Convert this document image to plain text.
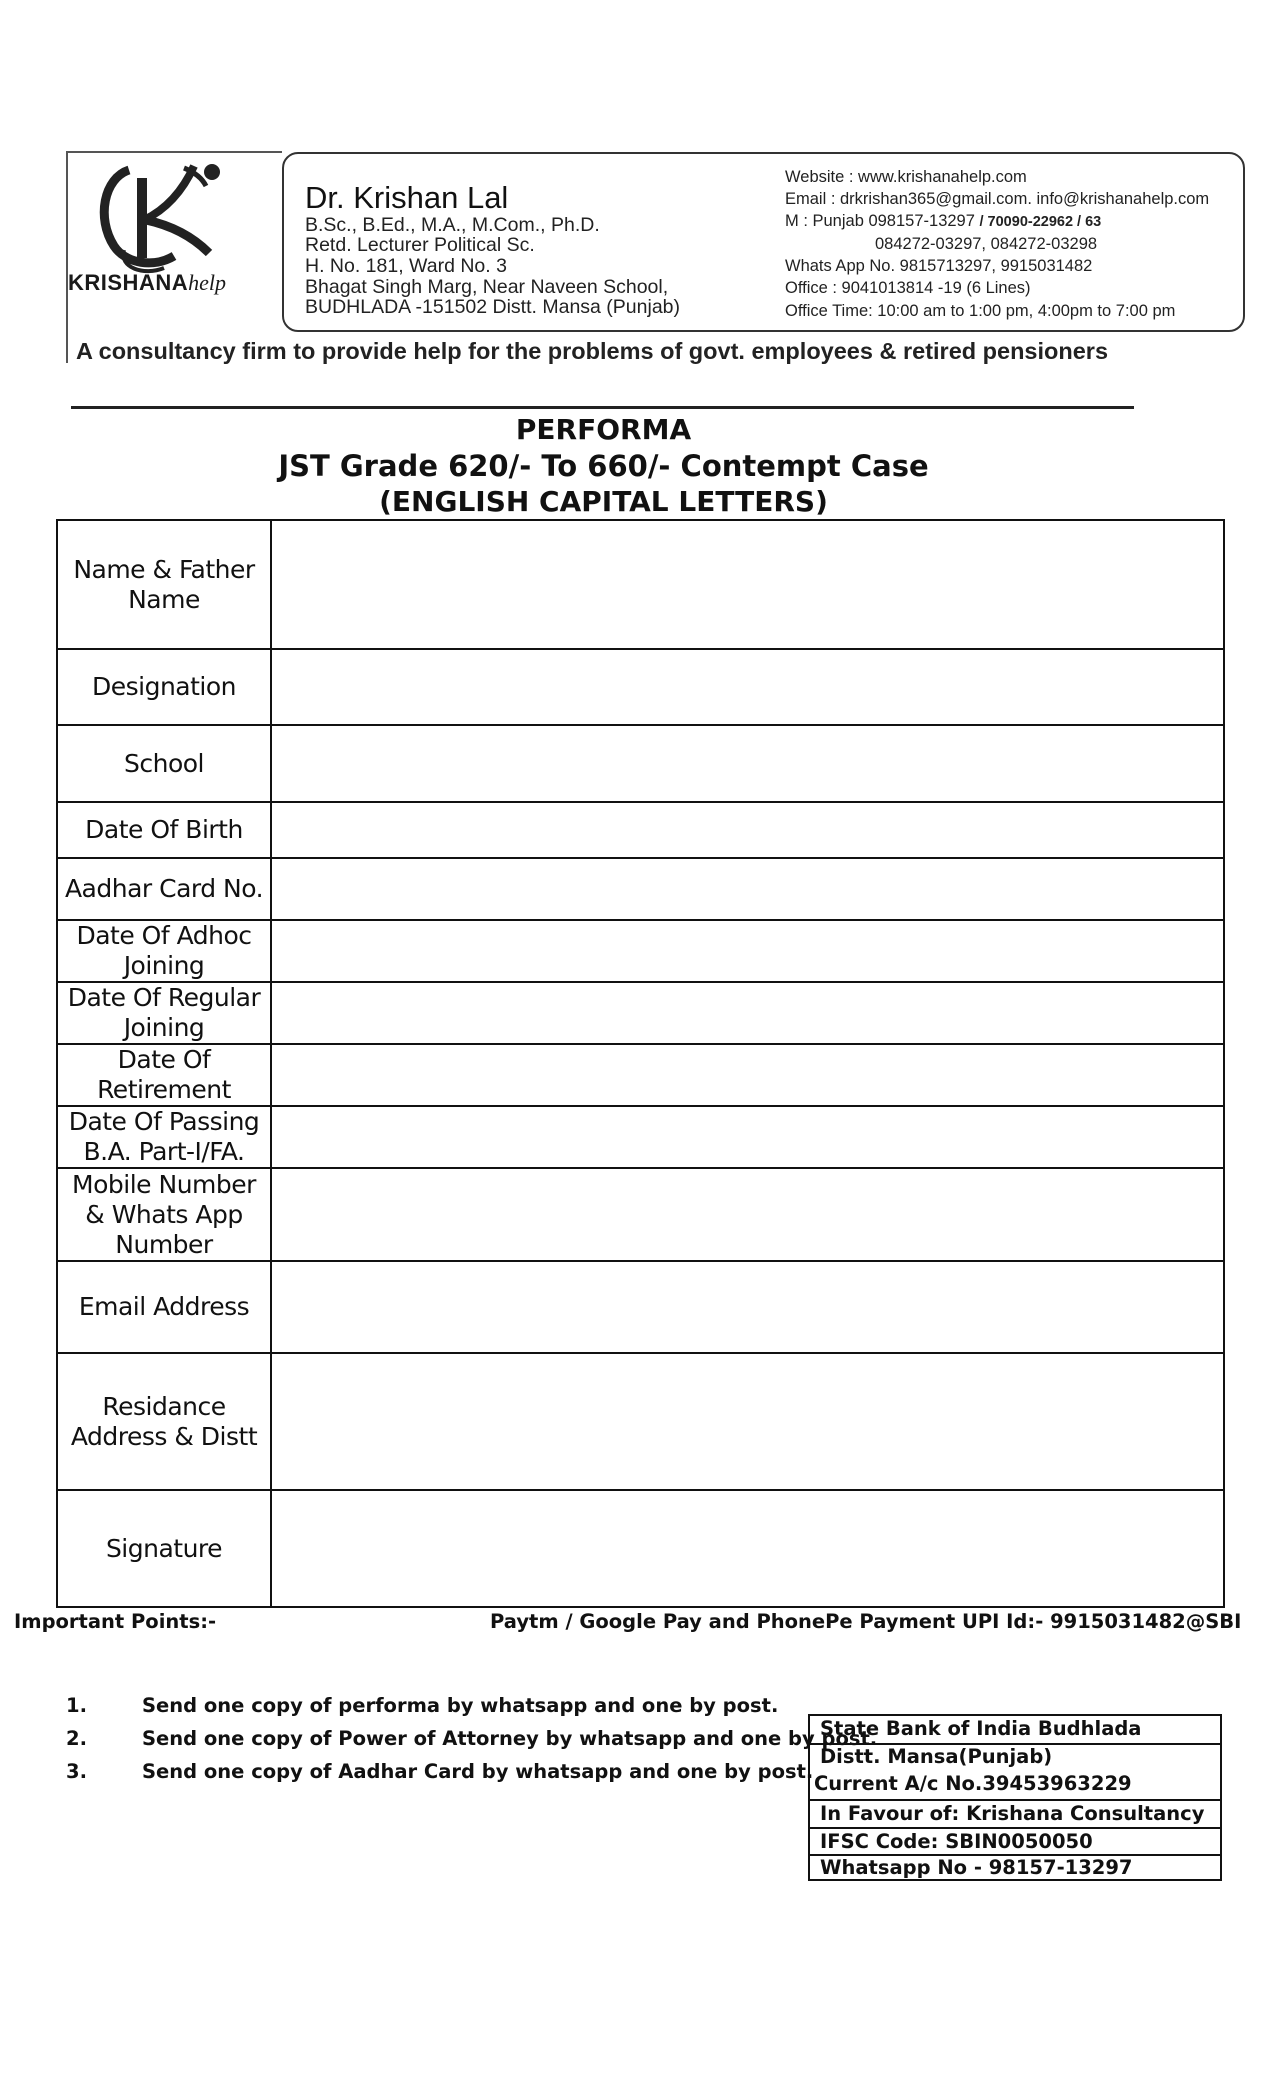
KRISHANAhelp
Dr. Krishan Lal
B.Sc., B.Ed., M.A., M.Com., Ph.D.
Retd. Lecturer Political Sc.
H. No. 181, Ward No. 3
Bhagat Singh Marg, Near Naveen School,
BUDHLADA -151502 Distt. Mansa (Punjab)
Website : www.krishanahelp.com
Email : drkrishan365@gmail.com. info@krishanahelp.com
M : Punjab 098157-13297 / 70090-22962 / 63
084272-03297, 084272-03298
Whats App No. 9815713297, 9915031482
Office : 9041013814 -19 (6 Lines)
Office Time: 10:00 am to 1:00 pm, 4:00pm to 7:00 pm
A consultancy firm to provide help for the problems of govt. employees & retired pensioners
PERFORMA
JST Grade 620/- To 660/- Contempt Case
(ENGLISH CAPITAL LETTERS)
Name & Father Name	
Designation	
School	
Date Of Birth	
Aadhar Card No.	
Date Of Adhoc Joining	
Date Of Regular Joining	
Date Of Retirement	
Date Of Passing B.A. Part-I/FA.	
Mobile Number & Whats App Number	
Email Address	
Residance Address & Distt	
Signature	
Important Points:-	Paytm / Google Pay and PhonePe Payment UPI Id:- 9915031482@SBI
1.	Send one copy of performa by whatsapp and one by post.
2.	Send one copy of Power of Attorney by whatsapp and one by post.
3.	Send one copy of Aadhar Card by whatsapp and one by post.
State Bank of India Budhlada
Distt. Mansa(Punjab)
Current A/c No.39453963229
In Favour of: Krishana Consultancy
IFSC Code: SBIN0050050
Whatsapp No - 98157-13297
